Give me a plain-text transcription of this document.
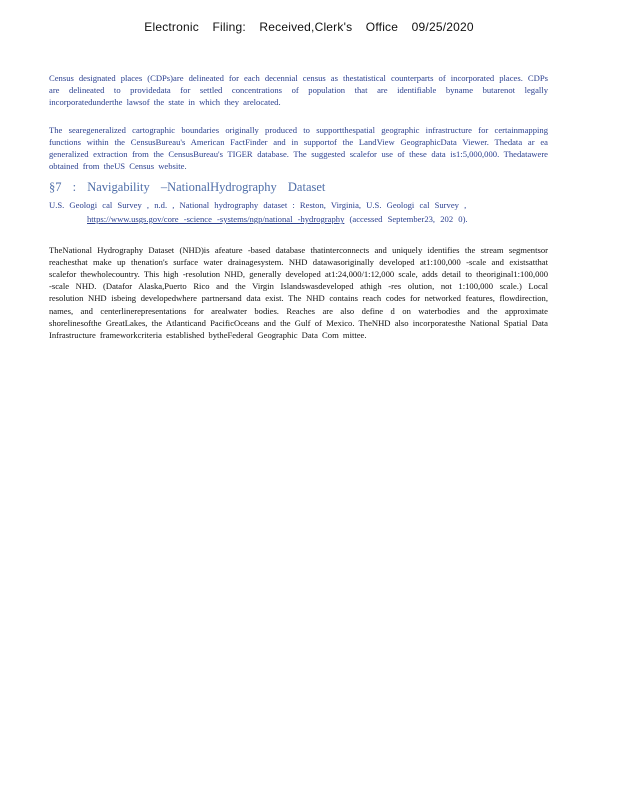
Electronic Filing: Received,Clerk's Office 09/25/2020

Census designated places (CDPs)are delineated for each decennial census as thestatistical counterparts of incorporated places. CDPs are delineated to providedata for settled concentrations of population that are identifiable byname butarenot legally incorporatedunderthe lawsof the state in which they arelocated.

The searegeneralized cartographic boundaries originally produced to supportthespatial geographic infrastructure for certainmapping functions within the CensusBureau's American FactFinder and in supportof the LandView GeographicData Viewer. Thedata ar ea generalized extraction from the CensusBureau's TIGER database. The suggested scalefor use of these data is1:5,000,000. Thedatawere obtained from theUS Census website.

§7 : Navigability –NationalHydrography Dataset
U.S. Geologi cal Survey , n.d. , National hydrography dataset : Reston, Virginia, U.S. Geologi cal Survey ,
https://www.usgs.gov/core -science -systems/ngp/national -hydrography (accessed September23, 202 0).

TheNational Hydrography Dataset (NHD)is afeature -based database thatinterconnects and uniquely identifies the stream segmentsor reachesthat make up thenation's surface water drainagesystem. NHD datawasoriginally developed at1:100,000 -scale and existsatthat scalefor thewholecountry. This high -resolution NHD, generally developed at1:24,000/1:12,000 scale, adds detail to theoriginal1:100,000 -scale NHD. (Datafor Alaska,Puerto Rico and the Virgin Islandswasdeveloped athigh -res olution, not 1:100,000 scale.) Local resolution NHD isbeing developedwhere partnersand data exist. The NHD contains reach codes for networked features, flowdirection, names, and centerlinerepresentations for arealwater bodies. Reaches are also define d on waterbodies and the approximate shorelinesofthe GreatLakes, the Atlanticand PacificOceans and the Gulf of Mexico. TheNHD also incorporatesthe National Spatial Data Infrastructure frameworkcriteria established bytheFederal Geographic Data Com mittee.
